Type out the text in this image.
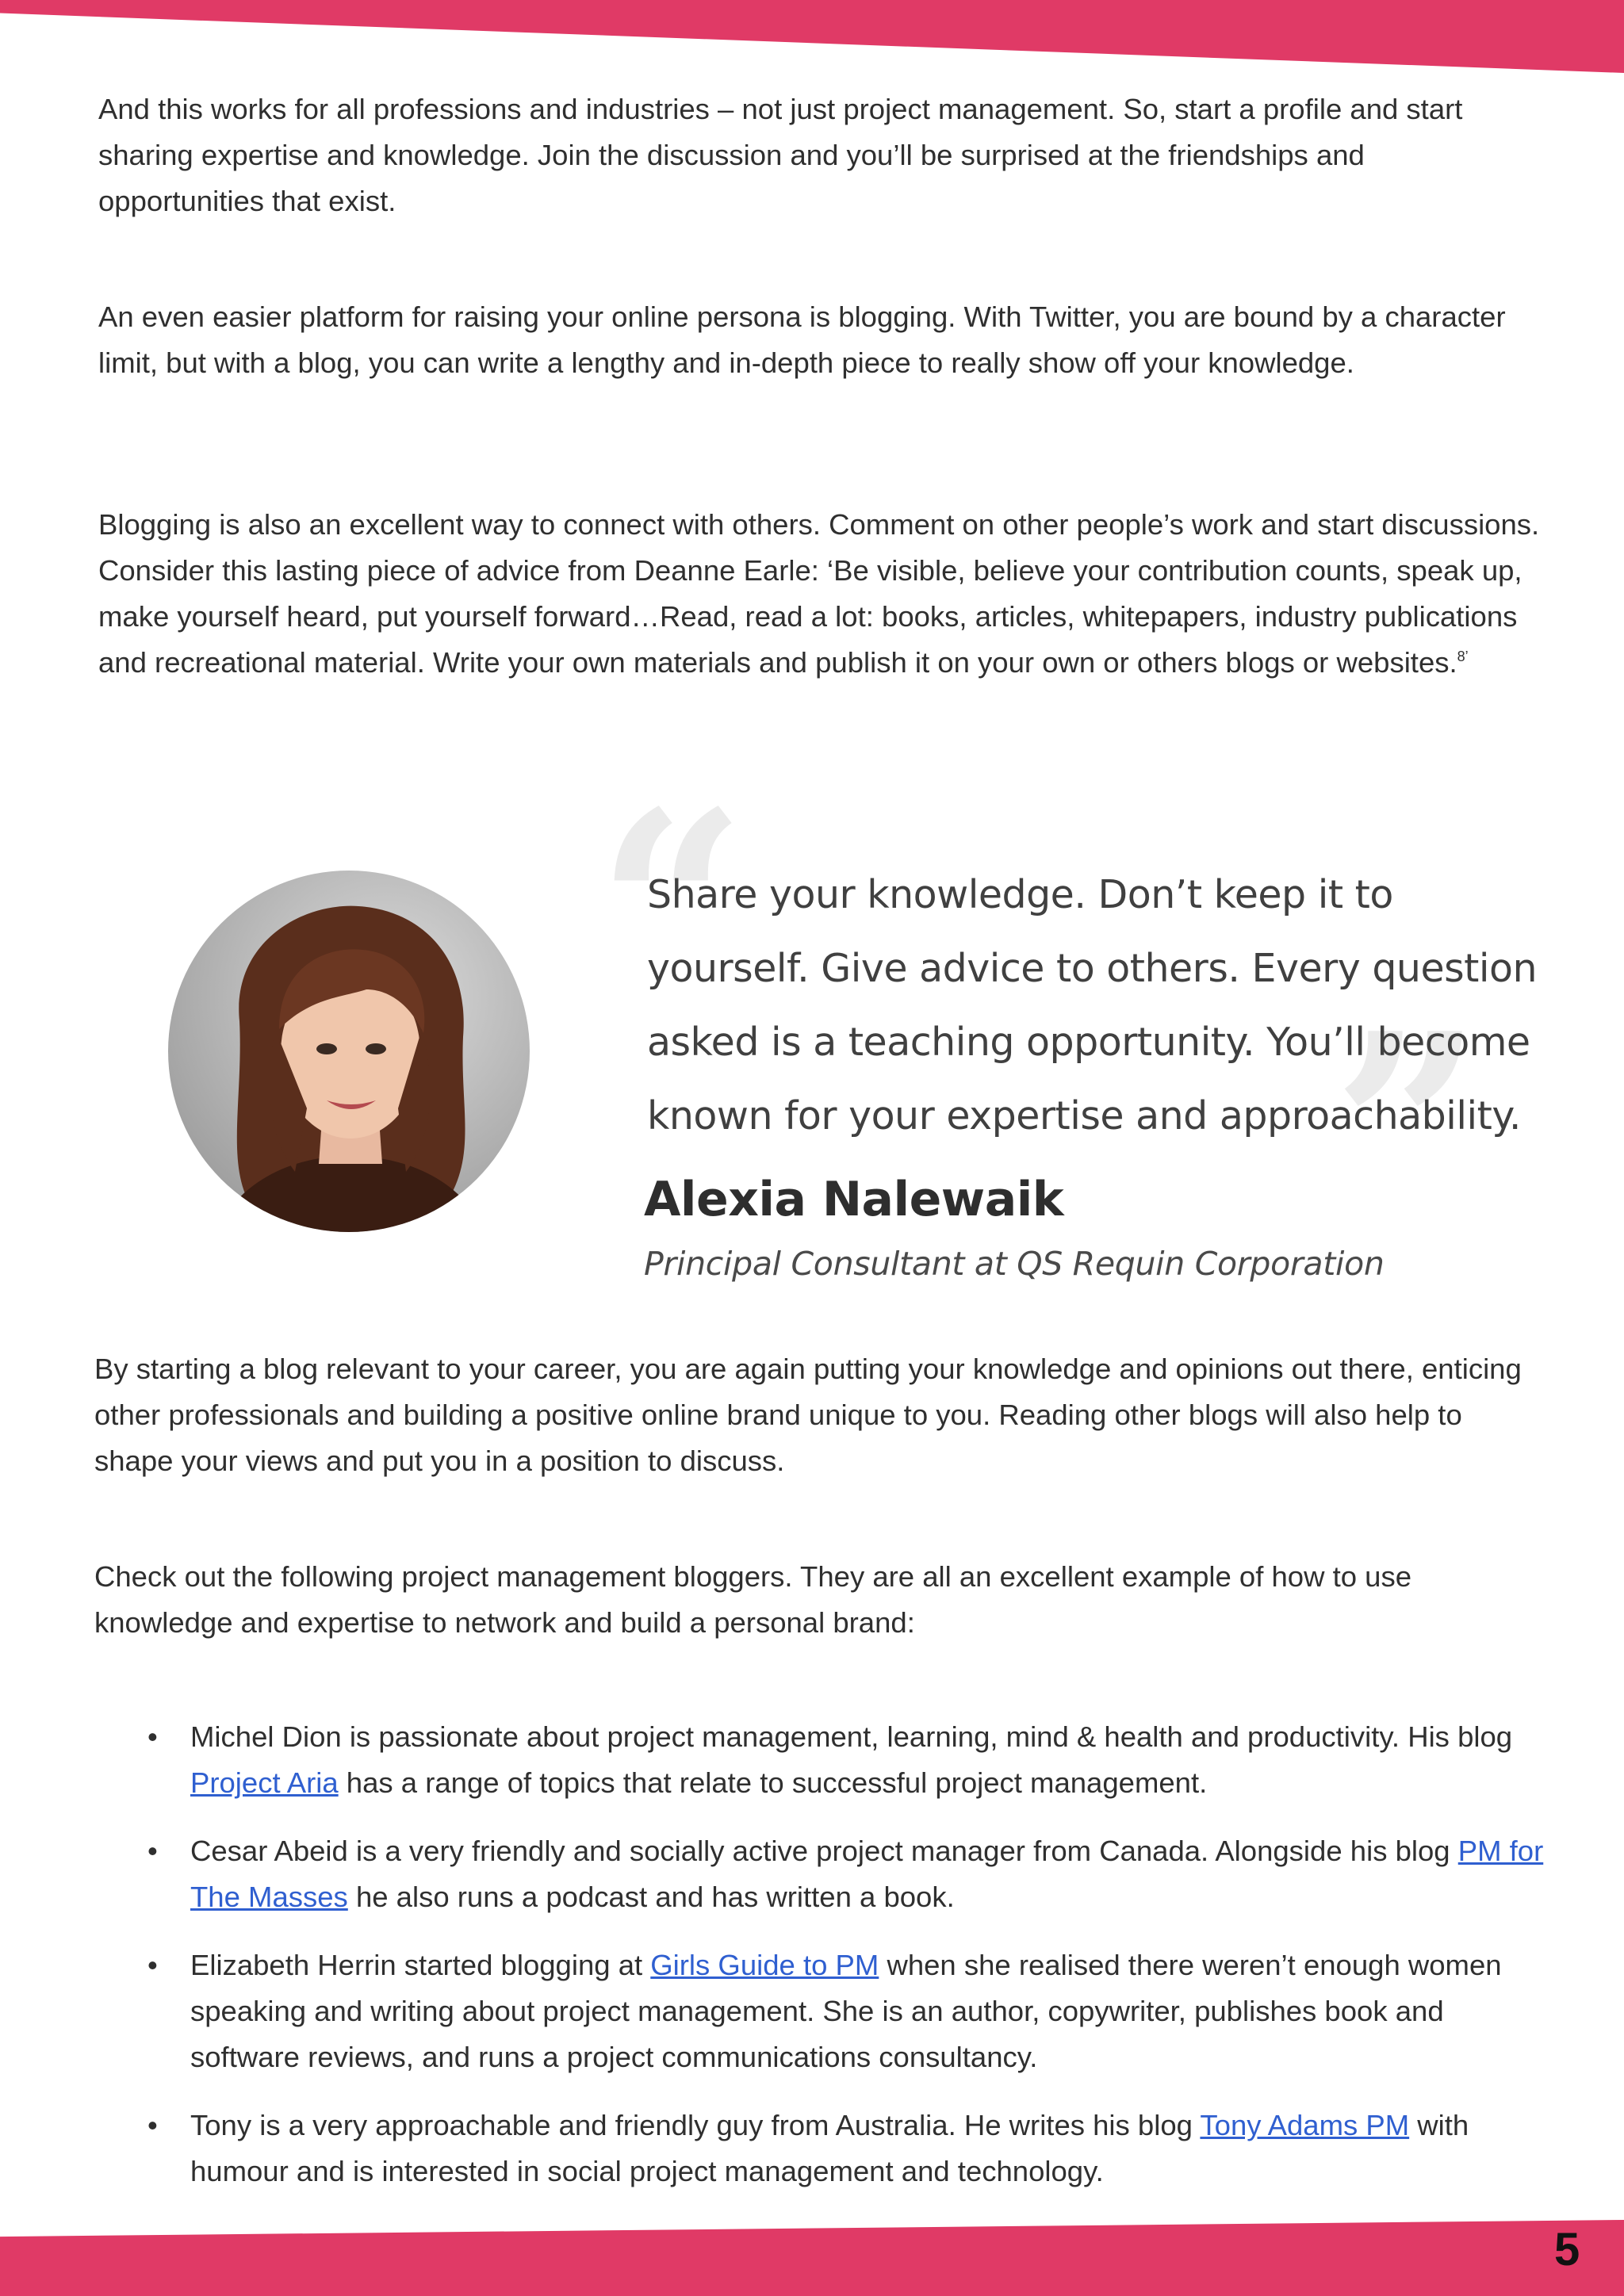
And this works for all professions and industries – not just project management. So, start a profile and start sharing expertise and knowledge. Join the discussion and you’ll be surprised at the friendships and opportunities that exist.

An even easier platform for raising your online persona is blogging. With Twitter, you are bound by a character limit, but with a blog, you can write a lengthy and in-depth piece to really show off your knowledge.

Blogging is also an excellent way to connect with others. Comment on other people’s work and start discussions. Consider this lasting piece of advice from Deanne Earle: ‘Be visible, believe your contribution counts, speak up, make yourself heard, put yourself forward…Read, read a lot: books, articles, whitepapers, industry publications and recreational material. Write your own materials and publish it on your own or others blogs or websites.$^{8’}$

“
”

Share your knowledge. Don’t keep it to yourself. Give advice to others. Every question asked is a teaching opportunity. You’ll become known for your expertise and approachability.

Alexia Nalewaik

Principal Consultant at QS Requin Corporation

By starting a blog relevant to your career, you are again putting your knowledge and opinions out there, enticing other professionals and building a positive online brand unique to you. Reading other blogs will also help to shape your views and put you in a position to discuss.

Check out the following project management bloggers. They are all an excellent example of how to use knowledge and expertise to network and build a personal brand:

• Michel Dion is passionate about project management, learning, mind & health and productivity. His blog Project Aria has a range of topics that relate to successful project management.
• Cesar Abeid is a very friendly and socially active project manager from Canada. Alongside his blog PM for The Masses he also runs a podcast and has written a book.
• Elizabeth Herrin started blogging at Girls Guide to PM when she realised there weren’t enough women speaking and writing about project management. She is an author, copywriter, publishes book and software reviews, and runs a project communications consultancy.
• Tony is a very approachable and friendly guy from Australia. He writes his blog Tony Adams PM with humour and is interested in social project management and technology.

5
